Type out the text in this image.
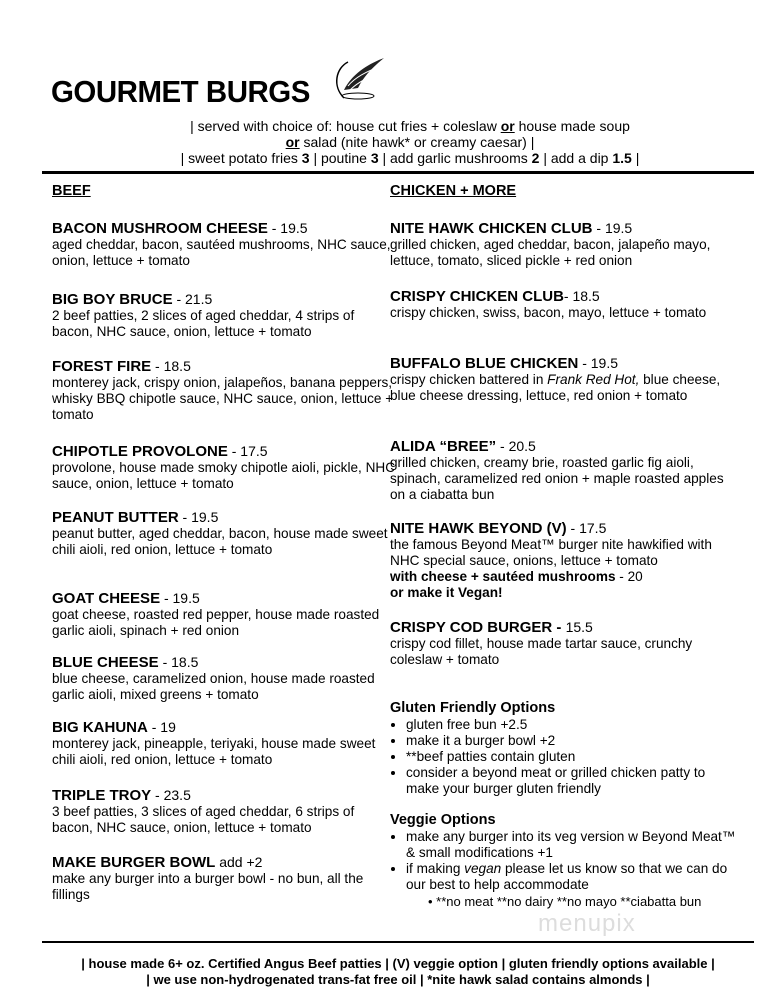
GOURMET BURGS
| served with choice of: house cut fries + coleslaw or house made soup
or salad (nite hawk* or creamy caesar) |
| sweet potato fries 3 | poutine 3 | add garlic mushrooms 2 | add a dip 1.5 |
BEEF	CHICKEN + MORE
BACON MUSHROOM CHEESE - 19.5
aged cheddar, bacon, sautéed mushrooms, NHC sauce, onion, lettuce + tomato
BIG BOY BRUCE - 21.5
2 beef patties, 2 slices of aged cheddar, 4 strips of bacon, NHC sauce, onion, lettuce + tomato
FOREST FIRE - 18.5
monterey jack, crispy onion, jalapeños, banana peppers, whisky BBQ chipotle sauce, NHC sauce, onion, lettuce + tomato
CHIPOTLE PROVOLONE - 17.5
provolone, house made smoky chipotle aioli, pickle, NHC sauce, onion, lettuce + tomato
PEANUT BUTTER - 19.5
peanut butter, aged cheddar, bacon, house made sweet chili aioli, red onion, lettuce + tomato
GOAT CHEESE - 19.5
goat cheese, roasted red pepper, house made roasted garlic aioli, spinach + red onion
BLUE CHEESE - 18.5
blue cheese, caramelized onion, house made roasted garlic aioli, mixed greens + tomato
BIG KAHUNA - 19
monterey jack, pineapple, teriyaki, house made sweet chili aioli, red onion, lettuce + tomato
TRIPLE TROY - 23.5
3 beef patties, 3 slices of aged cheddar, 6 strips of bacon, NHC sauce, onion, lettuce + tomato
MAKE BURGER BOWL add +2
make any burger into a burger bowl - no bun, all the fillings
NITE HAWK CHICKEN CLUB - 19.5
grilled chicken, aged cheddar, bacon, jalapeño mayo, lettuce, tomato, sliced pickle + red onion
CRISPY CHICKEN CLUB- 18.5
crispy chicken, swiss, bacon, mayo, lettuce + tomato
BUFFALO BLUE CHICKEN - 19.5
crispy chicken battered in Frank Red Hot, blue cheese, blue cheese dressing, lettuce, red onion + tomato
ALIDA “BREE” - 20.5
grilled chicken, creamy brie, roasted garlic fig aioli, spinach, caramelized red onion + maple roasted apples on a ciabatta bun
NITE HAWK BEYOND (V) - 17.5
the famous Beyond Meat™ burger nite hawkified with NHC special sauce, onions, lettuce + tomato
with cheese + sautéed mushrooms - 20
or make it Vegan!
CRISPY COD BURGER - 15.5
crispy cod fillet, house made tartar sauce, crunchy coleslaw + tomato
Gluten Friendly Options
• gluten free bun +2.5
• make it a burger bowl +2
• **beef patties contain gluten
• consider a beyond meat or grilled chicken patty to make your burger gluten friendly
Veggie Options
• make any burger into its veg version w Beyond Meat™ & small modifications +1
• if making vegan please let us know so that we can do our best to help accommodate
• **no meat **no dairy **no mayo **ciabatta bun
menupix
| house made 6+ oz. Certified Angus Beef patties | (V) veggie option | gluten friendly options available |
| we use non-hydrogenated trans-fat free oil | *nite hawk salad contains almonds |
